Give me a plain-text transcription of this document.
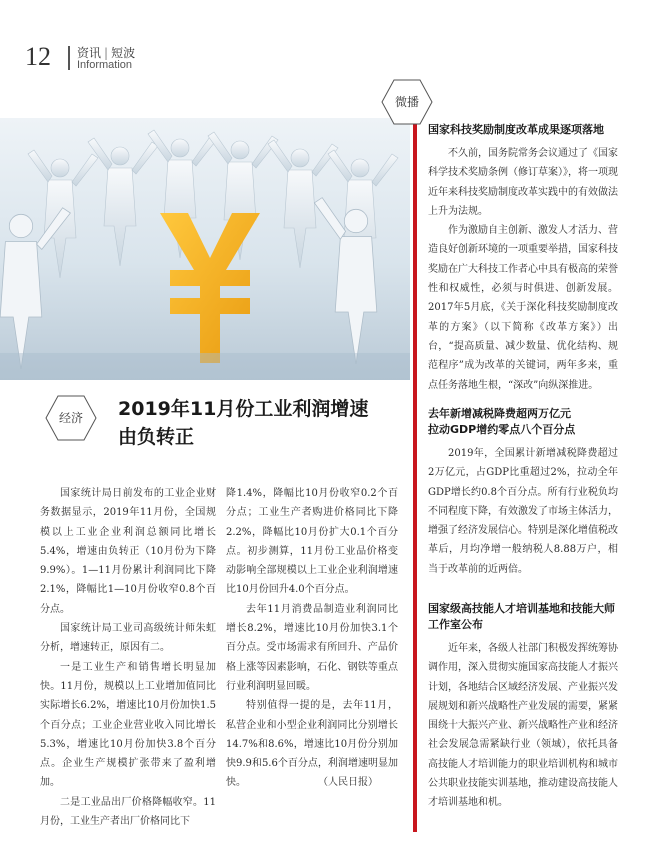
12 资讯 | 短波
Information
微播
经济	2019年11月份工业利润增速
由负转正

国家统计局日前发布的工业企业财务数据显示，2019年11月份，全国规模以上工业企业利润总额同比增长5.4%，增速由负转正（10月份为下降9.9%）。1—11月份累计利润同比下降2.1%，降幅比1—10月份收窄0.8个百分点。

国家统计局工业司高级统计师朱虹分析，增速转正，原因有二。

一是工业生产和销售增长明显加快。11月份，规模以上工业增加值同比实际增长6.2%，增速比10月份加快1.5个百分点；工业企业营业收入同比增长5.3%，增速比10月份加快3.8个百分点。企业生产规模扩张带来了盈利增加。

二是工业品出厂价格降幅收窄。11月份，工业生产者出厂价格同比下

降1.4%，降幅比10月份收窄0.2个百分点；工业生产者购进价格同比下降2.2%，降幅比10月份扩大0.1个百分点。初步测算，11月份工业品价格变动影响全部规模以上工业企业利润增速比10月份回升4.0个百分点。

去年11月消费品制造业利润同比增长8.2%，增速比10月份加快3.1个百分点。受市场需求有所回升、产品价格上涨等因素影响，石化、钢铁等重点行业利润明显回暖。

特别值得一提的是，去年11月，私营企业和小型企业利润同比分别增长14.7%和8.6%，增速比10月份分别加快9.9和5.6个百分点，利润增速明显加快。	（人民日报）

国家科技奖励制度改革成果逐项落地

不久前，国务院常务会议通过了《国家科学技术奖励条例（修订草案）》，将一项现近年来科技奖励制度改革实践中的有效做法上升为法规。

作为激励自主创新、激发人才活力、营造良好创新环境的一项重要举措，国家科技奖励在广大科技工作者心中具有极高的荣誉性和权威性，必须与时俱进、创新发展。2017年5月底，《关于深化科技奖励制度改革的方案》（以下简称《改革方案》）出台，“提高质量、减少数量、优化结构、规范程序”成为改革的关键词，两年多来，重点任务落地生根，“深改”向纵深推进。

去年新增减税降费超两万亿元
拉动GDP增约零点八个百分点

2019年，全国累计新增减税降费超过2万亿元，占GDP比重超过2%，拉动全年GDP增长约0.8个百分点。所有行业税负均不同程度下降，有效激发了市场主体活力，增强了经济发展信心。特别是深化增值税改革后，月均净增一般纳税人8.88万户，相当于改革前的近两倍。

国家级高技能人才培训基地和技能大师工作室公布

近年来，各级人社部门积极发挥统筹协调作用，深入贯彻实施国家高技能人才振兴计划，各地结合区域经济发展、产业振兴发展规划和新兴战略性产业发展的需要，紧紧围绕十大振兴产业、新兴战略性产业和经济社会发展急需紧缺行业（领域），依托具备高技能人才培训能力的职业培训机构和城市公共职业技能实训基地，推动建设高技能人才培训基地和机。
